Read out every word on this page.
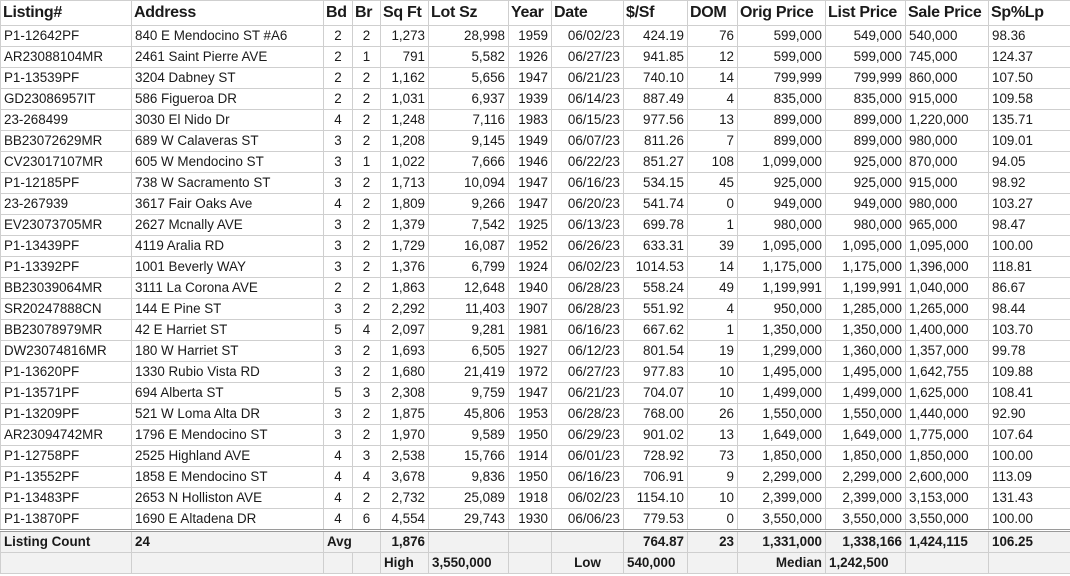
Listing#	Address	Bd	Br	Sq Ft	Lot Sz	Year	Date	$/Sf	DOM	Orig Price	List Price	Sale Price	Sp%Lp
P1-12642PF	840 E Mendocino ST #A6	2	2	1,273	28,998	1959	06/02/23	424.19	76	599,000	549,000	540,000	98.36
AR23088104MR	2461 Saint Pierre AVE	2	1	791	5,582	1926	06/27/23	941.85	12	599,000	599,000	745,000	124.37
P1-13539PF	3204 Dabney ST	2	2	1,162	5,656	1947	06/21/23	740.10	14	799,999	799,999	860,000	107.50
GD23086957IT	586 Figueroa DR	2	2	1,031	6,937	1939	06/14/23	887.49	4	835,000	835,000	915,000	109.58
23-268499	3030 El Nido Dr	4	2	1,248	7,116	1983	06/15/23	977.56	13	899,000	899,000	1,220,000	135.71
BB23072629MR	689 W Calaveras ST	3	2	1,208	9,145	1949	06/07/23	811.26	7	899,000	899,000	980,000	109.01
CV23017107MR	605 W Mendocino ST	3	1	1,022	7,666	1946	06/22/23	851.27	108	1,099,000	925,000	870,000	94.05
P1-12185PF	738 W Sacramento ST	3	2	1,713	10,094	1947	06/16/23	534.15	45	925,000	925,000	915,000	98.92
23-267939	3617 Fair Oaks Ave	4	2	1,809	9,266	1947	06/20/23	541.74	0	949,000	949,000	980,000	103.27
EV23073705MR	2627 Mcnally AVE	3	2	1,379	7,542	1925	06/13/23	699.78	1	980,000	980,000	965,000	98.47
P1-13439PF	4119 Aralia RD	3	2	1,729	16,087	1952	06/26/23	633.31	39	1,095,000	1,095,000	1,095,000	100.00
P1-13392PF	1001 Beverly WAY	3	2	1,376	6,799	1924	06/02/23	1014.53	14	1,175,000	1,175,000	1,396,000	118.81
BB23039064MR	3111 La Corona AVE	2	2	1,863	12,648	1940	06/28/23	558.24	49	1,199,991	1,199,991	1,040,000	86.67
SR20247888CN	144 E Pine ST	3	2	2,292	11,403	1907	06/28/23	551.92	4	950,000	1,285,000	1,265,000	98.44
BB23078979MR	42 E Harriet ST	5	4	2,097	9,281	1981	06/16/23	667.62	1	1,350,000	1,350,000	1,400,000	103.70
DW23074816MR	180 W Harriet ST	3	2	1,693	6,505	1927	06/12/23	801.54	19	1,299,000	1,360,000	1,357,000	99.78
P1-13620PF	1330 Rubio Vista RD	3	2	1,680	21,419	1972	06/27/23	977.83	10	1,495,000	1,495,000	1,642,755	109.88
P1-13571PF	694 Alberta ST	5	3	2,308	9,759	1947	06/21/23	704.07	10	1,499,000	1,499,000	1,625,000	108.41
P1-13209PF	521 W Loma Alta DR	3	2	1,875	45,806	1953	06/28/23	768.00	26	1,550,000	1,550,000	1,440,000	92.90
AR23094742MR	1796 E Mendocino ST	3	2	1,970	9,589	1950	06/29/23	901.02	13	1,649,000	1,649,000	1,775,000	107.64
P1-12758PF	2525 Highland AVE	4	3	2,538	15,766	1914	06/01/23	728.92	73	1,850,000	1,850,000	1,850,000	100.00
P1-13552PF	1858 E Mendocino ST	4	4	3,678	9,836	1950	06/16/23	706.91	9	2,299,000	2,299,000	2,600,000	113.09
P1-13483PF	2653 N Holliston AVE	4	2	2,732	25,089	1918	06/02/23	1154.10	10	2,399,000	2,399,000	3,153,000	131.43
P1-13870PF	1690 E Altadena DR	4	6	4,554	29,743	1930	06/06/23	779.53	0	3,550,000	3,550,000	3,550,000	100.00
Listing Count	24	Avg		1,876				764.87	23	1,331,000	1,338,166	1,424,115	106.25
				High	3,550,000		Low	540,000		Median	1,242,500		
